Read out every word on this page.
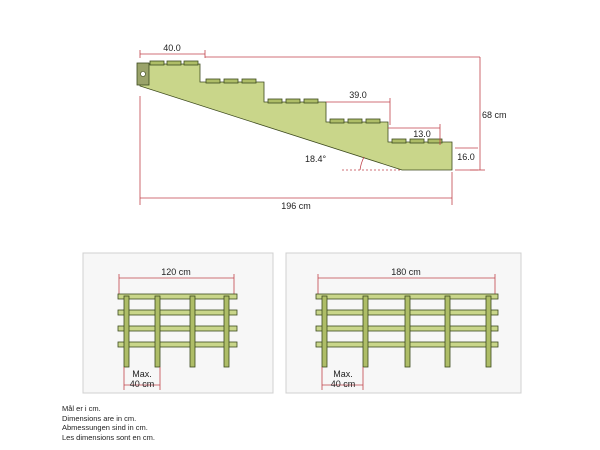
40.0
39.0
13.0
16.0
68 cm
18.4°
196 cm
120 cm
Max.
40 cm
180 cm
Max.
40 cm
Mål er i cm.
Dimensions are in cm.
Abmessungen sind in cm.
Les dimensions sont en cm.
